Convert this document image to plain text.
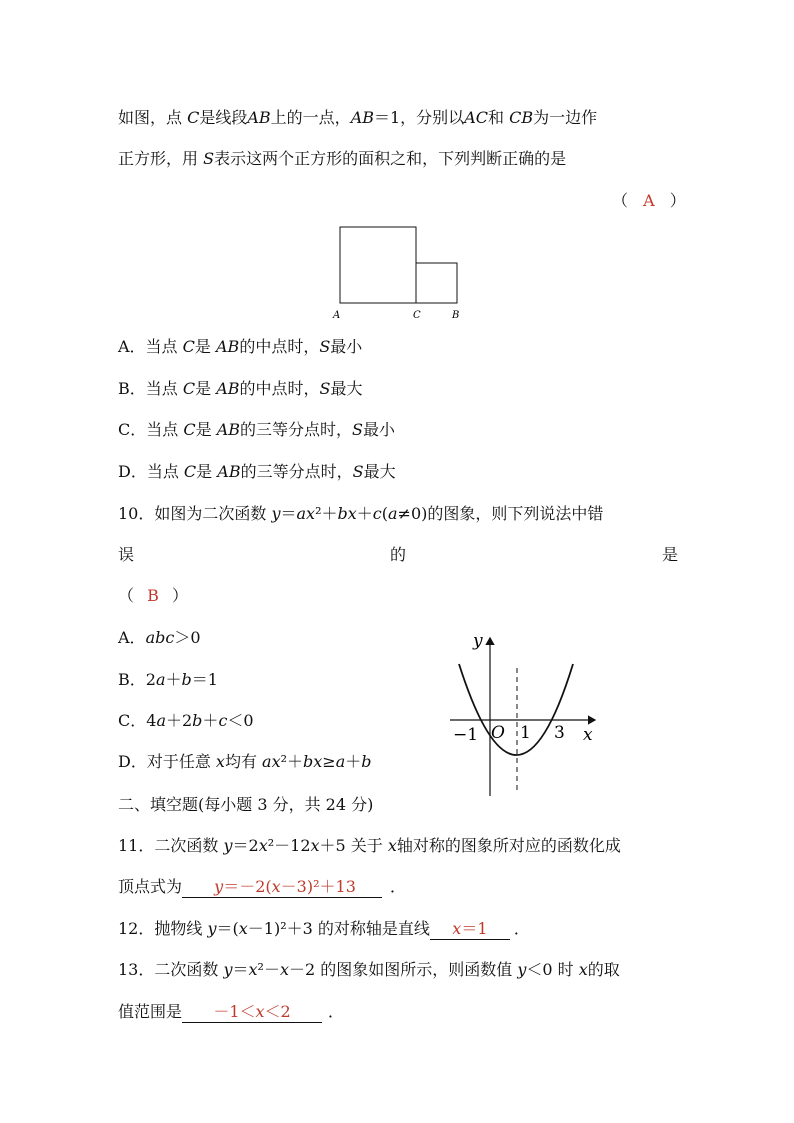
如图，点 C是线段AB上的一点，AB＝1，分别以AC和 CB为一边作
正方形，用 S表示这两个正方形的面积之和，下列判断正确的是
（ A ）
A	C	B
A．当点 C是 AB的中点时，S最小
B．当点 C是 AB的中点时，S最大
C．当点 C是 AB的三等分点时，S最小
D．当点 C是 AB的三等分点时，S最大
10．如图为二次函数 y＝ax²＋bx＋c(a≠0)的图象，则下列说法中错
误	的	是
（ B ）
A．abc＞0
B．2a＋b＝1
C．4a＋2b＋c＜0
D．对于任意 x均有 ax²＋bx≥a＋b
y
x
O
−1 1 3
二、填空题(每小题 3 分，共 24 分)
11．二次函数 y＝2x²－12x＋5 关于 x轴对称的图象所对应的函数化成
顶点式为 y＝－2(x－3)²＋13 ．
12．抛物线 y＝(x－1)²＋3 的对称轴是直线 x＝1 ．
13．二次函数 y＝x²－x－2 的图象如图所示，则函数值 y＜0 时 x的取
值范围是 －1＜x＜2 ．
